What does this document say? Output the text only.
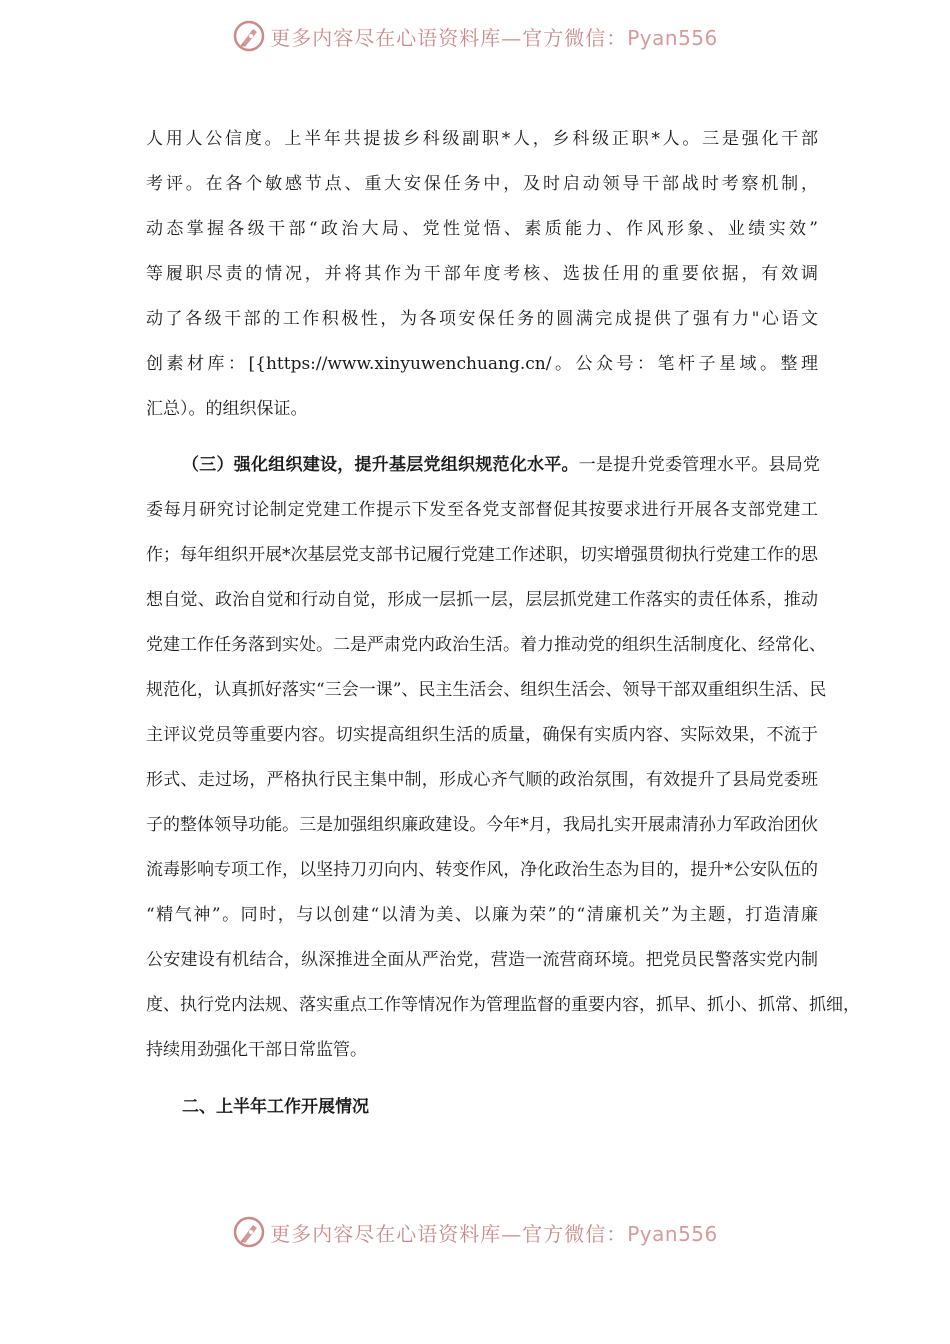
更多内容尽在心语资料库—官方微信：Pyan556
人用人公信度。上半年共提拔乡科级副职*人，乡科级正职*人。三是强化干部
考评。在各个敏感节点、重大安保任务中，及时启动领导干部战时考察机制，
动态掌握各级干部“政治大局、党性觉悟、素质能力、作风形象、业绩实效”
等履职尽责的情况，并将其作为干部年度考核、选拔任用的重要依据，有效调
动了各级干部的工作积极性，为各项安保任务的圆满完成提供了强有力"心语文
创素材库：[{https://www.xinyuwenchuang.cn/。公众号：笔杆子星域。整理
汇总）。的组织保证。
（三）强化组织建设，提升基层党组织规范化水平。一是提升党委管理水平。县局党
委每月研究讨论制定党建工作提示下发至各党支部督促其按要求进行开展各支部党建工
作；每年组织开展*次基层党支部书记履行党建工作述职，切实增强贯彻执行党建工作的思
想自觉、政治自觉和行动自觉，形成一层抓一层，层层抓党建工作落实的责任体系，推动
党建工作任务落到实处。二是严肃党内政治生活。着力推动党的组织生活制度化、经常化、
规范化，认真抓好落实“三会一课”、民主生活会、组织生活会、领导干部双重组织生活、民
主评议党员等重要内容。切实提高组织生活的质量，确保有实质内容、实际效果，不流于
形式、走过场，严格执行民主集中制，形成心齐气顺的政治氛围，有效提升了县局党委班
子的整体领导功能。三是加强组织廉政建设。今年*月，我局扎实开展肃清孙力军政治团伙
流毒影响专项工作，以坚持刀刃向内、转变作风，净化政治生态为目的，提升*公安队伍的
“精气神”。同时，与以创建“以清为美、以廉为荣”的“清廉机关”为主题，打造清廉
公安建设有机结合，纵深推进全面从严治党，营造一流营商环境。把党员民警落实党内制
度、执行党内法规、落实重点工作等情况作为管理监督的重要内容，抓早、抓小、抓常、抓细，
持续用劲强化干部日常监管。
二、上半年工作开展情况
更多内容尽在心语资料库—官方微信：Pyan556
